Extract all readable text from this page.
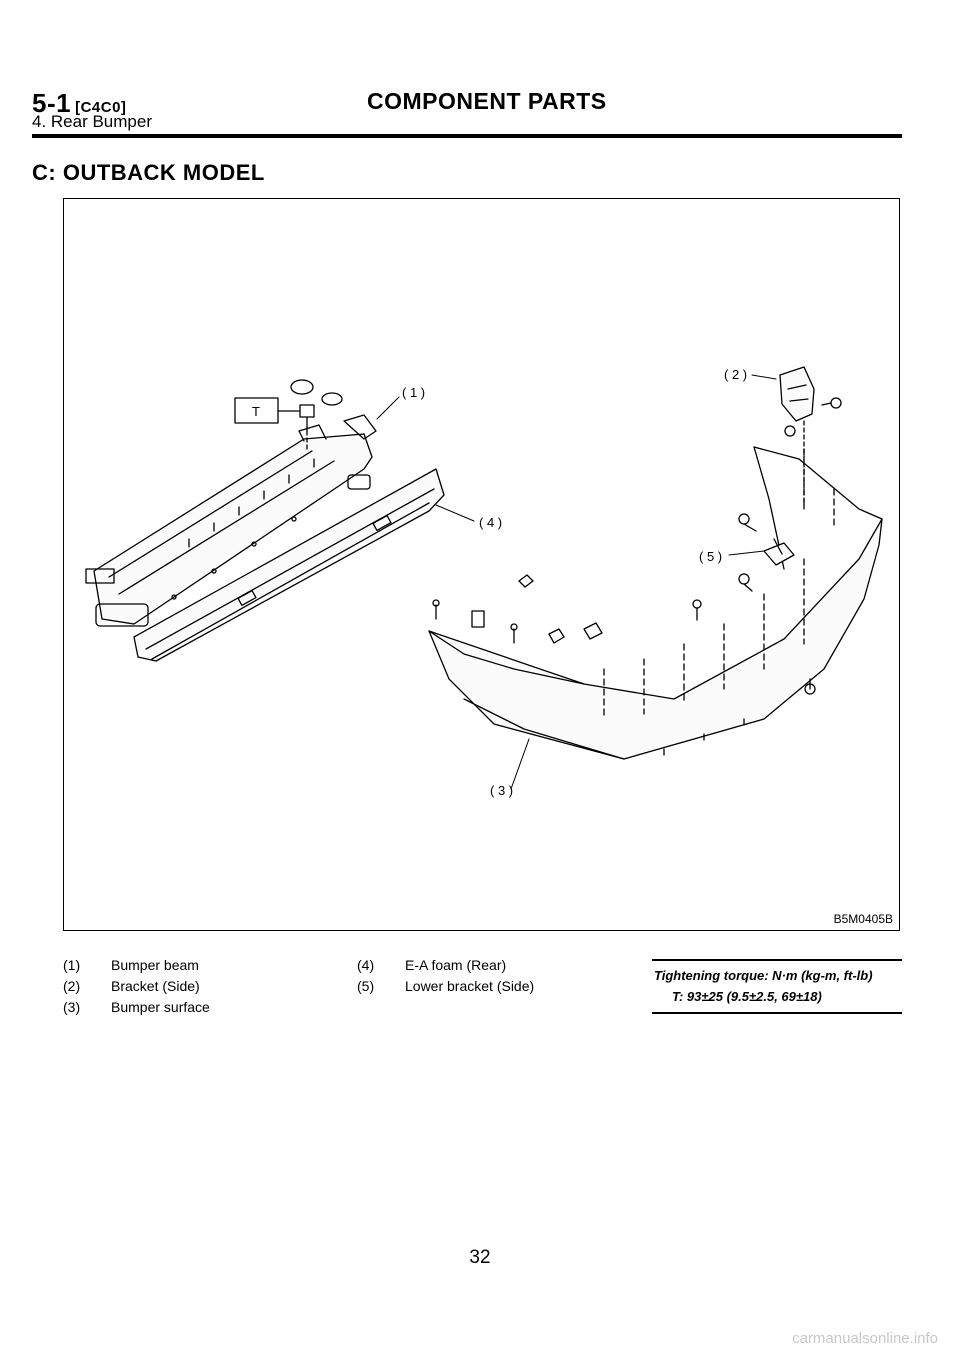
5-1 [C4C0]
4. Rear Bumper
COMPONENT PARTS
C: OUTBACK MODEL
T
( 1 )
( 2 )
( 3 )
( 4 )
( 5 )
B5M0405B
(1) Bumper beam
(2) Bracket (Side)
(3) Bumper surface
(4) E-A foam (Rear)
(5) Lower bracket (Side)
Tightening torque: N·m (kg-m, ft-lb)
T: 93±25 (9.5±2.5, 69±18)
32
carmanualsonline.info
